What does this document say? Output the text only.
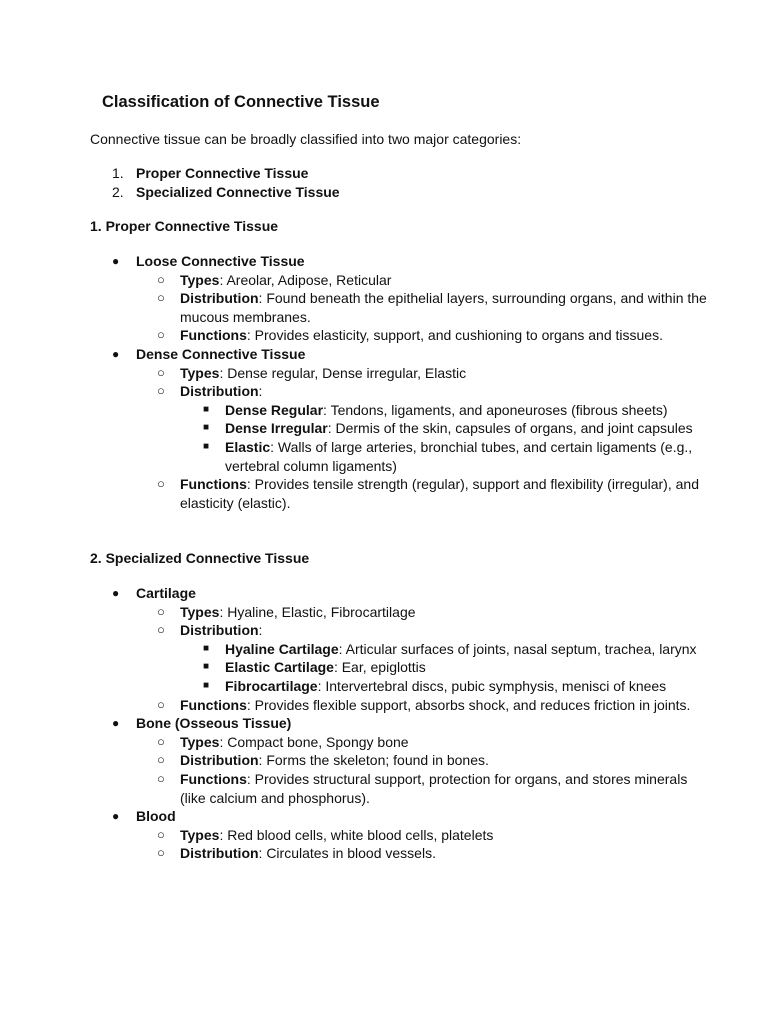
Classification of Connective Tissue
Connective tissue can be broadly classified into two major categories:
1. Proper Connective Tissue
2. Specialized Connective Tissue
1. Proper Connective Tissue
●	Loose Connective Tissue
○	Types: Areolar, Adipose, Reticular
○	Distribution: Found beneath the epithelial layers, surrounding organs, and within the mucous membranes.
○	Functions: Provides elasticity, support, and cushioning to organs and tissues.
●	Dense Connective Tissue
○	Types: Dense regular, Dense irregular, Elastic
○	Distribution:
■	Dense Regular: Tendons, ligaments, and aponeuroses (fibrous sheets)
■	Dense Irregular: Dermis of the skin, capsules of organs, and joint capsules
■	Elastic: Walls of large arteries, bronchial tubes, and certain ligaments (e.g., vertebral column ligaments)
○	Functions: Provides tensile strength (regular), support and flexibility (irregular), and elasticity (elastic).
2. Specialized Connective Tissue
●	Cartilage
○	Types: Hyaline, Elastic, Fibrocartilage
○	Distribution:
■	Hyaline Cartilage: Articular surfaces of joints, nasal septum, trachea, larynx
■	Elastic Cartilage: Ear, epiglottis
■	Fibrocartilage: Intervertebral discs, pubic symphysis, menisci of knees
○	Functions: Provides flexible support, absorbs shock, and reduces friction in joints.
●	Bone (Osseous Tissue)
○	Types: Compact bone, Spongy bone
○	Distribution: Forms the skeleton; found in bones.
○	Functions: Provides structural support, protection for organs, and stores minerals (like calcium and phosphorus).
●	Blood
○	Types: Red blood cells, white blood cells, platelets
○	Distribution: Circulates in blood vessels.
